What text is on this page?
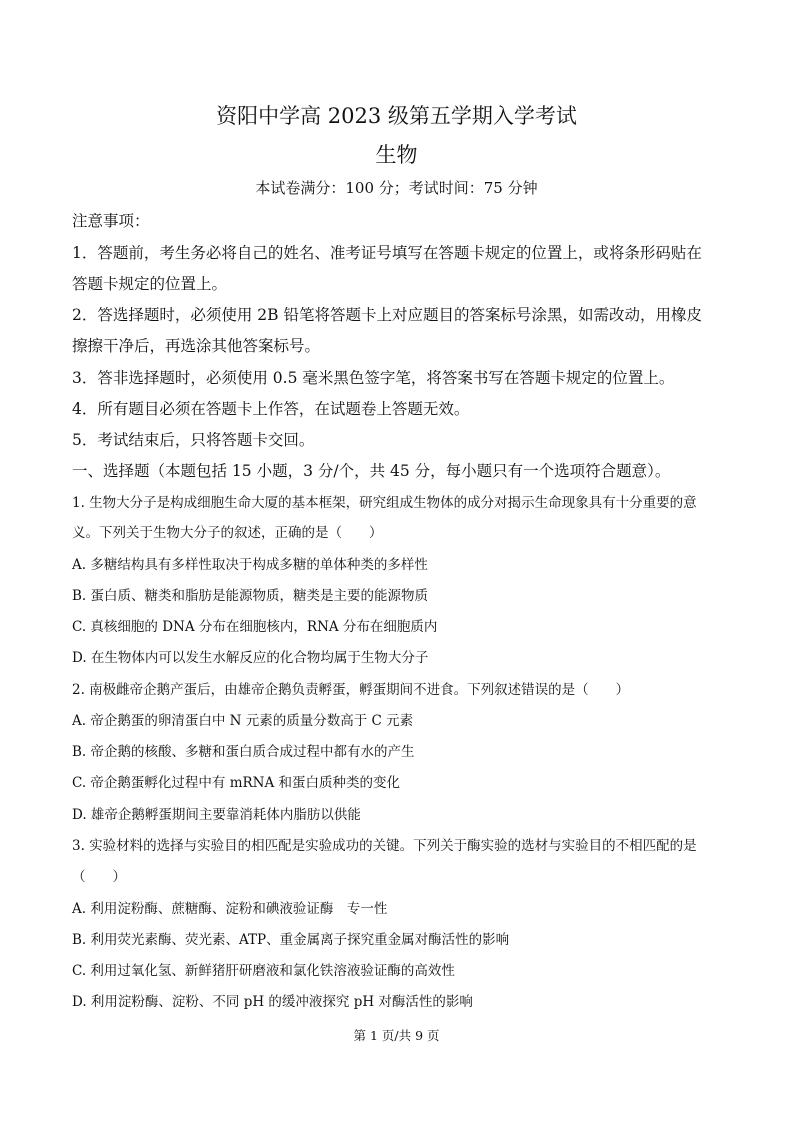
资阳中学高 2023 级第五学期入学考试
生物
本试卷满分：100 分；考试时间：75 分钟
注意事项：
1．答题前，考生务必将自己的姓名、准考证号填写在答题卡规定的位置上，或将条形码贴在
答题卡规定的位置上。
2．答选择题时，必须使用 2B 铅笔将答题卡上对应题目的答案标号涂黑，如需改动，用橡皮
擦擦干净后，再选涂其他答案标号。
3．答非选择题时，必须使用 0.5 毫米黑色签字笔，将答案书写在答题卡规定的位置上。
4．所有题目必须在答题卡上作答，在试题卷上答题无效。
5．考试结束后，只将答题卡交回。
一、选择题（本题包括 15 小题，3 分/个，共 45 分，每小题只有一个选项符合题意）。
1. 生物大分子是构成细胞生命大厦的基本框架，研究组成生物体的成分对揭示生命现象具有十分重要的意
义。下列关于生物大分子的叙述，正确的是（　　）
A. 多糖结构具有多样性取决于构成多糖的单体种类的多样性
B. 蛋白质、糖类和脂肪是能源物质，糖类是主要的能源物质
C. 真核细胞的 DNA 分布在细胞核内，RNA 分布在细胞质内
D. 在生物体内可以发生水解反应的化合物均属于生物大分子
2. 南极雌帝企鹅产蛋后，由雄帝企鹅负责孵蛋，孵蛋期间不进食。下列叙述错误的是（　　）
A. 帝企鹅蛋的卵清蛋白中 N 元素的质量分数高于 C 元素
B. 帝企鹅的核酸、多糖和蛋白质合成过程中都有水的产生
C. 帝企鹅蛋孵化过程中有 mRNA 和蛋白质种类的变化
D. 雄帝企鹅孵蛋期间主要靠消耗体内脂肪以供能
3. 实验材料的选择与实验目的相匹配是实验成功的关键。下列关于酶实验的选材与实验目的不相匹配的是
（　　）
A. 利用淀粉酶、蔗糖酶、淀粉和碘液验证酶　专一性
B. 利用荧光素酶、荧光素、ATP、重金属离子探究重金属对酶活性的影响
C. 利用过氧化氢、新鲜猪肝研磨液和氯化铁溶液验证酶的高效性
D. 利用淀粉酶、淀粉、不同 pH 的缓冲液探究 pH 对酶活性的影响
第 1 页/共 9 页
